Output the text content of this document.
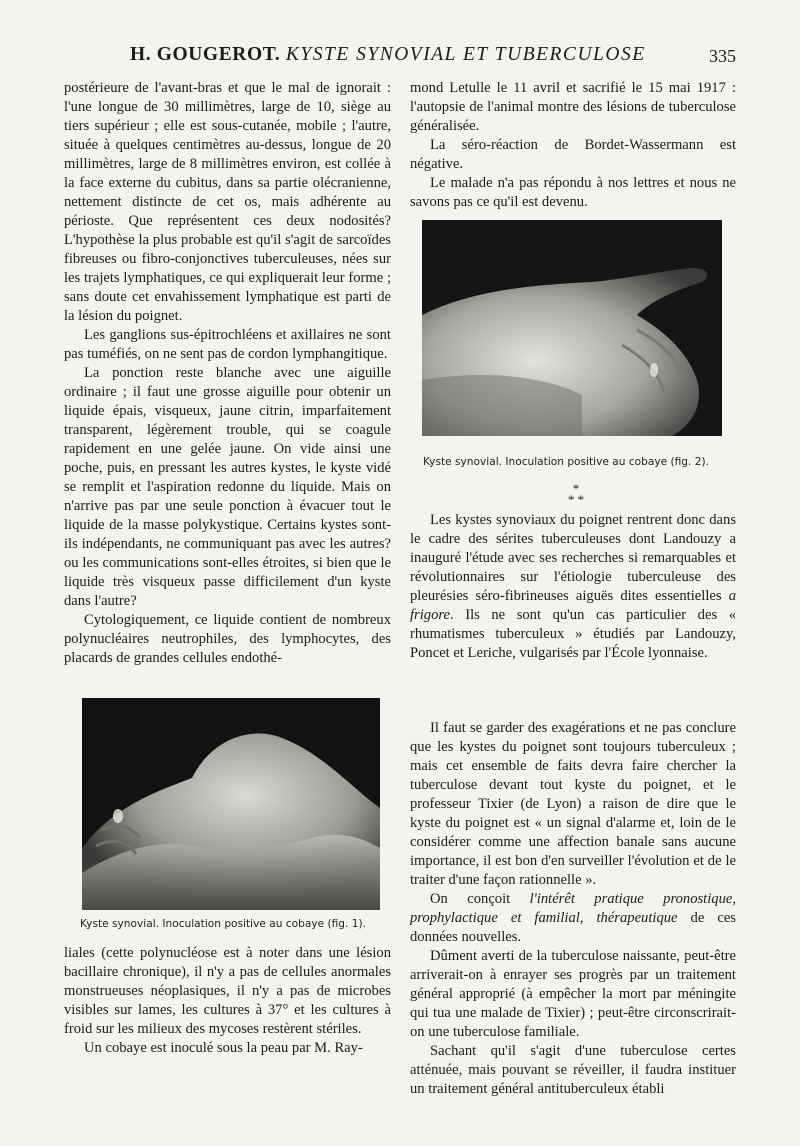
H. GOUGEROT. KYSTE SYNOVIAL ET TUBERCULOSE	335

postérieure de l'avant-bras et que le mal de ignorait : l'une longue de 30 millimètres, large de 10, siège au tiers supérieur ; elle est sous-cutanée, mobile ; l'autre, située à quelques centimètres au-dessus, longue de 20 millimètres, large de 8 millimètres environ, est collée à la face externe du cubitus, dans sa partie olécranienne, nettement distincte de cet os, mais adhérente au périoste. Que représentent ces deux nodosités? L'hypothèse la plus probable est qu'il s'agit de sarcoïdes fibreuses ou fibro-conjonctives tuberculeuses, nées sur les trajets lymphatiques, ce qui expliquerait leur forme ; sans doute cet envahissement lymphatique est parti de la lésion du poignet.

Les ganglions sus-épitrochléens et axillaires ne sont pas tuméfiés, on ne sent pas de cordon lymphangitique.

La ponction reste blanche avec une aiguille ordinaire ; il faut une grosse aiguille pour obtenir un liquide épais, visqueux, jaune citrin, imparfaitement transparent, légèrement trouble, qui se coagule rapidement en une gelée jaune. On vide ainsi une poche, puis, en pressant les autres kystes, le kyste vidé se remplit et l'aspiration redonne du liquide. Mais on n'arrive pas par une seule ponction à évacuer tout le liquide de la masse polykystique. Certains kystes sont-ils indépendants, ne communiquant pas avec les autres? ou les communications sont-elles étroites, si bien que le liquide très visqueux passe difficilement d'un kyste dans l'autre?

Cytologiquement, ce liquide contient de nombreux polynucléaires neutrophiles, des lymphocytes, des placards de grandes cellules endothé-

Kyste synovial. Inoculation positive au cobaye (fig. 1).

liales (cette polynucléose est à noter dans une lésion bacillaire chronique), il n'y a pas de cellules anormales monstrueuses néoplasiques, il n'y a pas de microbes visibles sur lames, les cultures à 37° et les cultures à froid sur les milieux des mycoses restèrent stériles.

Un cobaye est inoculé sous la peau par M. Ray-

mond Letulle le 11 avril et sacrifié le 15 mai 1917 : l'autopsie de l'animal montre des lésions de tuberculose généralisée.

La séro-réaction de Bordet-Wassermann est négative.

Le malade n'a pas répondu à nos lettres et nous ne savons pas ce qu'il est devenu.

Kyste synovial. Inoculation positive au cobaye (fig. 2).
*
* *

Les kystes synoviaux du poignet rentrent donc dans le cadre des sérites tuberculeuses dont Landouzy a inauguré l'étude avec ses recherches si remarquables et révolutionnaires sur l'étiologie tuberculeuse des pleurésies séro-fibrineuses aiguës dites essentielles a frigore. Ils ne sont qu'un cas particulier des « rhumatismes tuberculeux » étudiés par Landouzy, Poncet et Leriche, vulgarisés par l'École lyonnaise.

Il faut se garder des exagérations et ne pas conclure que les kystes du poignet sont toujours tuberculeux ; mais cet ensemble de faits devra faire chercher la tuberculose devant tout kyste du poignet, et le professeur Tixier (de Lyon) a raison de dire que le kyste du poignet est « un signal d'alarme et, loin de le considérer comme une affection banale sans aucune importance, il est bon d'en surveiller l'évolution et de le traiter d'une façon rationnelle ».

On conçoit l'intérêt pratique pronostique, prophylactique et familial, thérapeutique de ces données nouvelles.

Dûment averti de la tuberculose naissante, peut-être arriverait-on à enrayer ses progrès par un traitement général approprié (à empêcher la mort par méningite qui tua une malade de Tixier) ; peut-être circonscrirait-on une tuberculose familiale.

Sachant qu'il s'agit d'une tuberculose certes atténuée, mais pouvant se réveiller, il faudra instituer un traitement général antituberculeux établi
